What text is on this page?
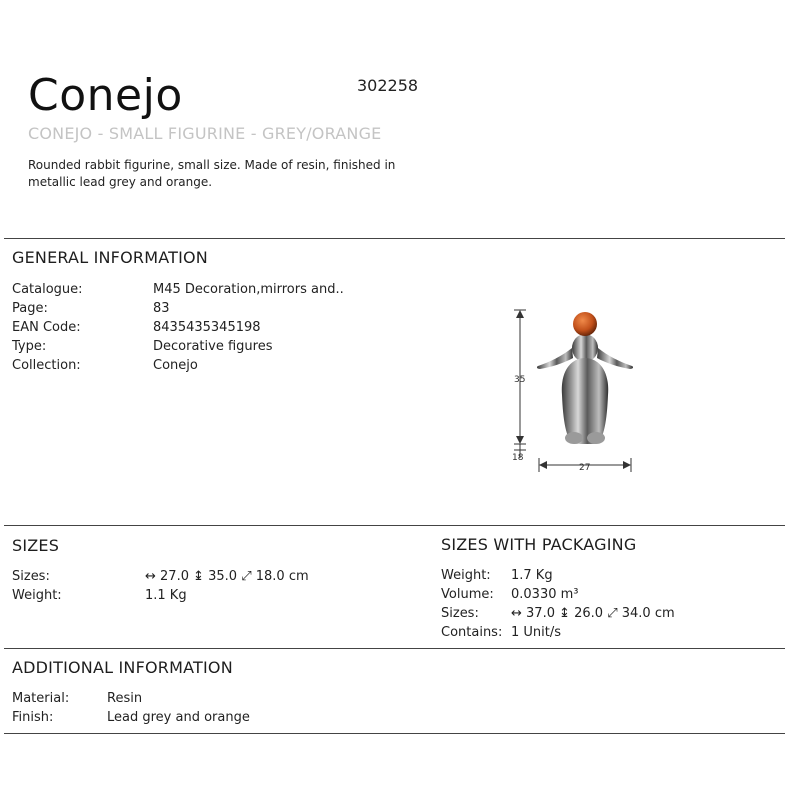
Conejo	302258
CONEJO - SMALL FIGURINE - GREY/ORANGE
Rounded rabbit figurine, small size. Made of resin, finished in metallic lead grey and orange.
GENERAL INFORMATION
Catalogue:	M45 Decoration,mirrors and..
Page:	83
EAN Code:	8435435345198
Type:	Decorative figures
Collection:	Conejo
35
18
27
SIZES
Sizes:	↔ 27.0 ↨ 35.0 ⤢ 18.0 cm
Weight:	1.1 Kg
SIZES WITH PACKAGING
Weight:	1.7 Kg
Volume:	0.0330 m³
Sizes:	↔ 37.0 ↨ 26.0 ⤢ 34.0 cm
Contains: 1 Unit/s
ADDITIONAL INFORMATION
Material:	Resin
Finish:	Lead grey and orange
